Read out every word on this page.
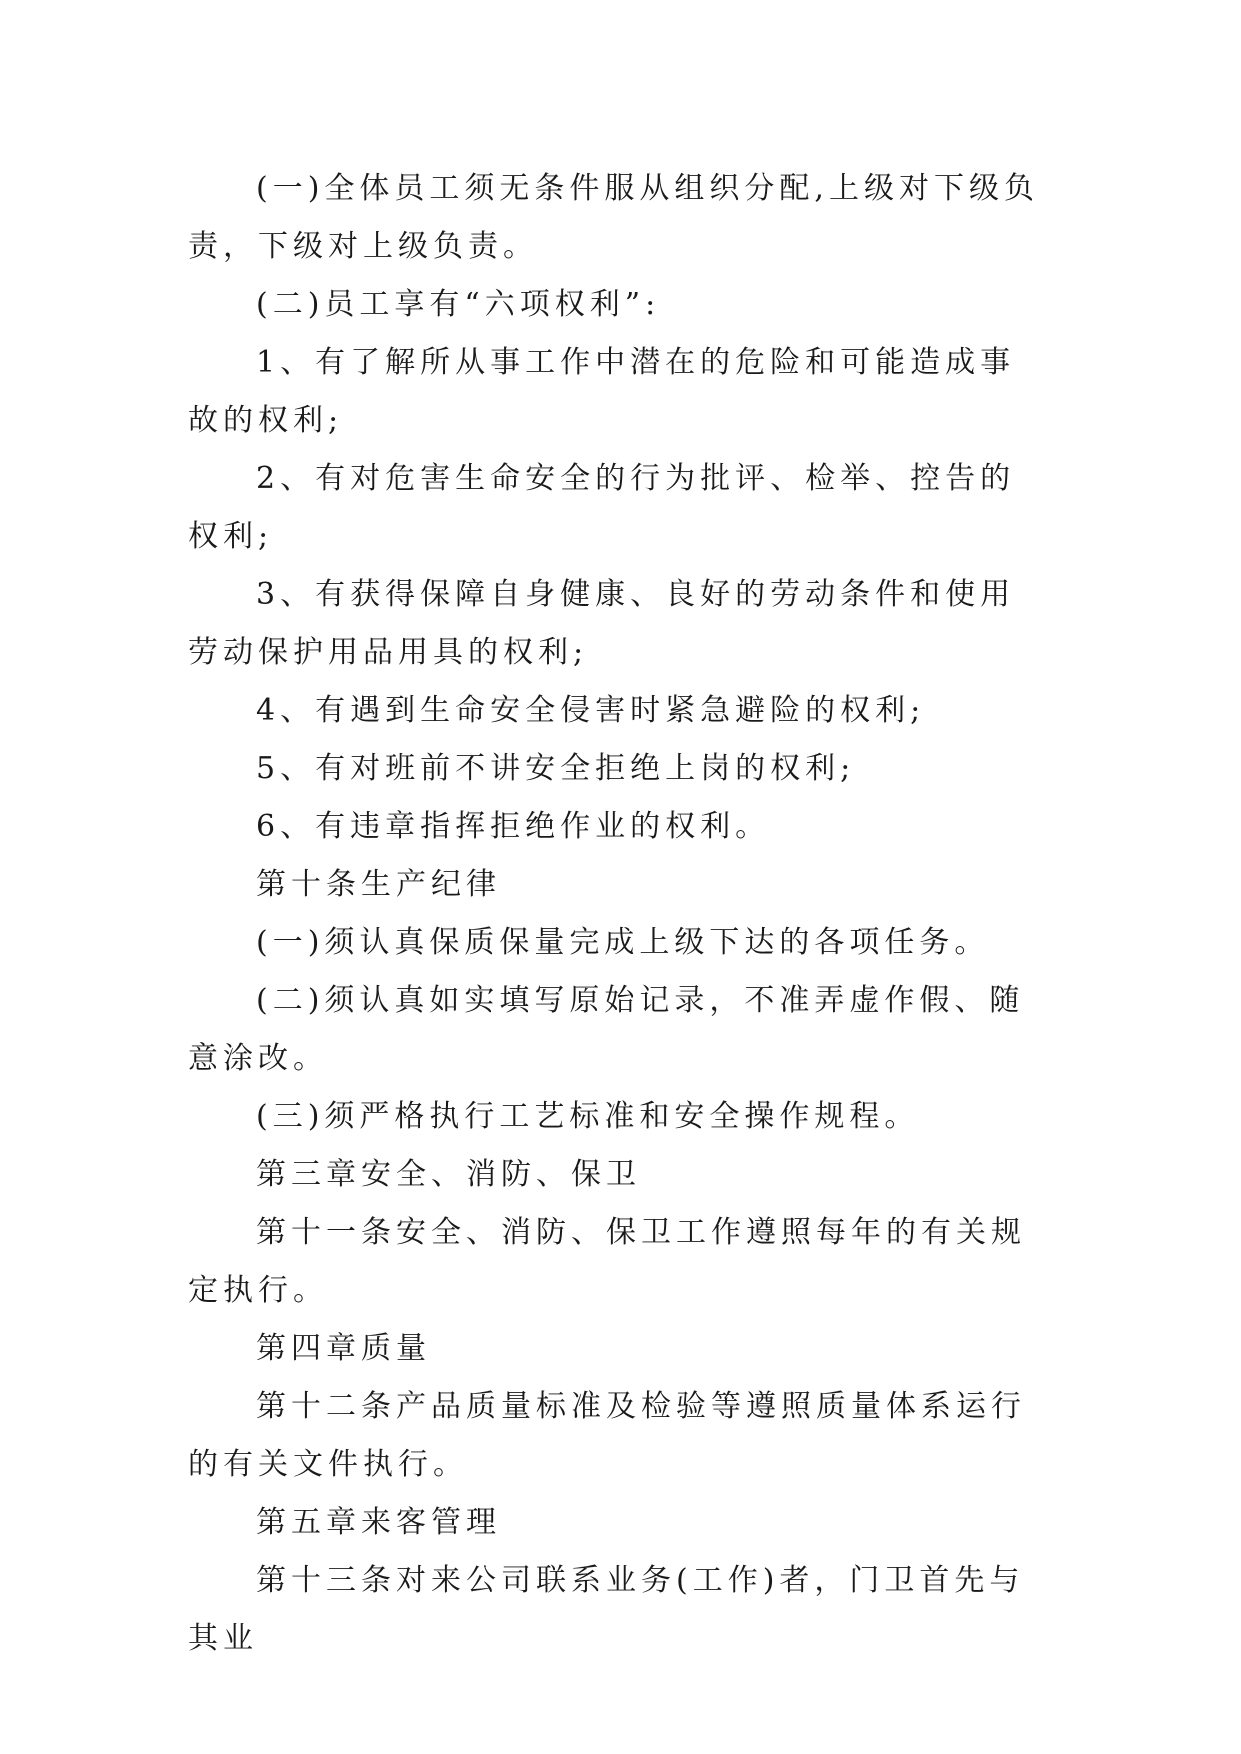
(一)全体员工须无条件服从组织分配,上级对下级负责，下级对上级负责。

(二)员工享有“六项权利”:

1、有了解所从事工作中潜在的危险和可能造成事故的权利;

2、有对危害生命安全的行为批评、检举、控告的权利;

3、有获得保障自身健康、良好的劳动条件和使用劳动保护用品用具的权利;

4、有遇到生命安全侵害时紧急避险的权利;

5、有对班前不讲安全拒绝上岗的权利;

6、有违章指挥拒绝作业的权利。

第十条生产纪律

(一)须认真保质保量完成上级下达的各项任务。

(二)须认真如实填写原始记录，不准弄虚作假、随意涂改。

(三)须严格执行工艺标准和安全操作规程。

第三章安全、消防、保卫

第十一条安全、消防、保卫工作遵照每年的有关规定执行。

第四章质量

第十二条产品质量标准及检验等遵照质量体系运行的有关文件执行。

第五章来客管理

第十三条对来公司联系业务(工作)者，门卫首先与其业
